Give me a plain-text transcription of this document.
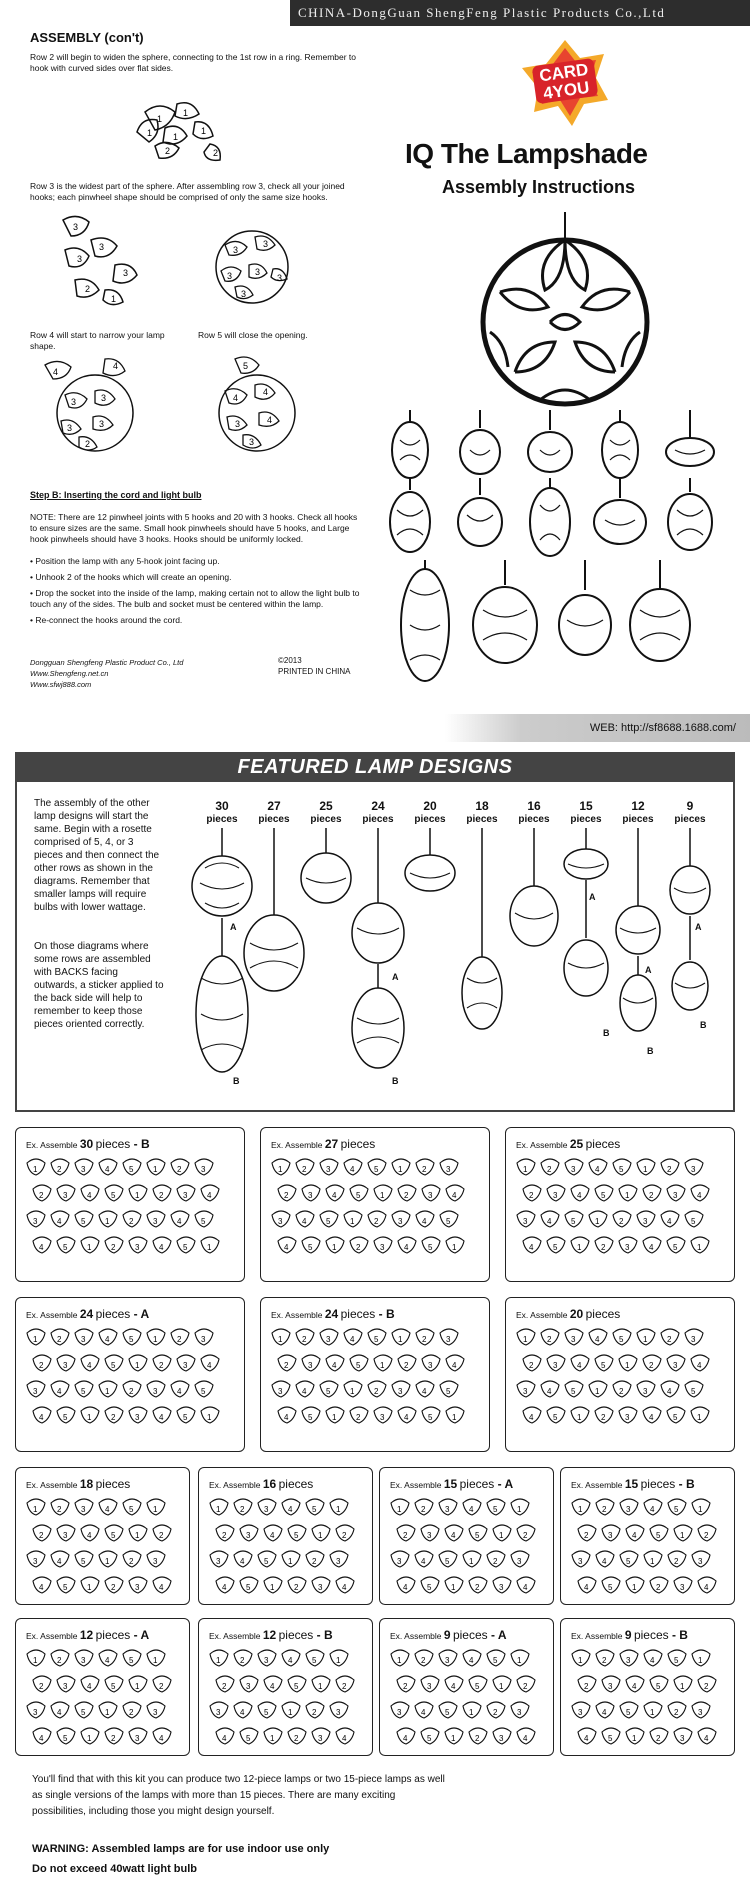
CHINA-DongGuan ShengFeng Plastic Products Co.,Ltd
ASSEMBLY (con't)
Row 2 will begin to widen the sphere, connecting to the 1st row in a ring. Remember to hook with curved sides over flat sides.
1
1
1 1
1
2	2
Row 3 is the widest part of the sphere. After assembling row 3, check all your joined hooks; each pinwheel shape should be comprised of only the same size hooks.
3
3
3
3
2
1
3
3
3	3
3
3
Row 4 will start to narrow your lamp shape.
Row 5 will close the opening.
4
4
3	3
3	3
2
5
4
4
3	4
3
Step B: Inserting the cord and light bulb
NOTE: There are 12 pinwheel joints with 5 hooks and 20 with 3 hooks. Check all hooks to ensure sizes are the same. Small hook pinwheels should have 5 hooks, and Large hook pinwheels should have 3 hooks. Hooks should be uniformly locked.
• Position the lamp with any 5-hook joint facing up.
• Unhook 2 of the hooks which will create an opening.
• Drop the socket into the inside of the lamp, making certain not to allow the light bulb to touch any of the sides. The bulb and socket must be centered within the lamp.
• Re-connect the hooks around the cord.
Dongguan Shengfeng Plastic Product Co., Ltd
Www.Shengfeng.net.cn
Www.sfwj888.com
©2013
PRINTED IN CHINA
CARD
4YOU
IQ The Lampshade
Assembly Instructions
WEB: http://sf8688.1688.com/
FEATURED LAMP DESIGNS
The assembly of the other lamp designs will start the same. Begin with a rosette comprised of 5, 4, or 3 pieces and then connect the other rows as shown in the diagrams. Remember that smaller lamps will require bulbs with lower wattage.
On those diagrams where some rows are assembled with BACKS facing outwards, a sticker applied to the back side will help to remember to keep those pieces oriented correctly.
30
pieces
27
pieces
25
pieces
24
pieces
20
pieces
18
pieces
16
pieces
15
pieces
12
pieces
9
pieces
A
B
A
B
A
B
A
B
A
B
Ex. Assemble 30 pieces - B
1 2 3 4 5 1 2 3
2 3 4 5 1 2 3 4
3 4 5 1 2 3 4 5
4 5 1 2 3 4 5 1
Ex. Assemble 27 pieces
1 2 3 4 5 1 2 3
2 3 4 5 1 2 3 4
3 4 5 1 2 3 4 5
4 5 1 2 3 4 5 1
Ex. Assemble 25 pieces
1 2 3 4 5 1 2 3
2 3 4 5 1 2 3 4
3 4 5 1 2 3 4 5
4 5 1 2 3 4 5 1
Ex. Assemble 24 pieces - A
1 2 3 4 5 1 2 3
2 3 4 5 1 2 3 4
3 4 5 1 2 3 4 5
4 5 1 2 3 4 5 1
Ex. Assemble 24 pieces - B
1 2 3 4 5 1 2 3
2 3 4 5 1 2 3 4
3 4 5 1 2 3 4 5
4 5 1 2 3 4 5 1
Ex. Assemble 20 pieces
1 2 3 4 5 1 2 3
2 3 4 5 1 2 3 4
3 4 5 1 2 3 4 5
4 5 1 2 3 4 5 1
Ex. Assemble 18 pieces
1 2 3 4 5 1
2 3 4 5 1 2
3 4 5 1 2 3
4 5 1 2 3 4
Ex. Assemble 16 pieces
1 2 3 4 5 1
2 3 4 5 1 2
3 4 5 1 2 3
4 5 1 2 3 4
Ex. Assemble 15 pieces - A
1 2 3 4 5 1
2 3 4 5 1 2
3 4 5 1 2 3
4 5 1 2 3 4
Ex. Assemble 15 pieces - B
1 2 3 4 5 1
2 3 4 5 1 2
3 4 5 1 2 3
4 5 1 2 3 4
Ex. Assemble 12 pieces - A
1 2 3 4 5 1
2 3 4 5 1 2
3 4 5 1 2 3
4 5 1 2 3 4
Ex. Assemble 12 pieces - B
1 2 3 4 5 1
2 3 4 5 1 2
3 4 5 1 2 3
4 5 1 2 3 4
Ex. Assemble 9 pieces - A
1 2 3 4 5 1
2 3 4 5 1 2
3 4 5 1 2 3
4 5 1 2 3 4
Ex. Assemble 9 pieces - B
1 2 3 4 5 1
2 3 4 5 1 2
3 4 5 1 2 3
4 5 1 2 3 4
You'll find that with this kit you can produce two 12-piece lamps or two 15-piece lamps as well as single versions of the lamps with more than 15 pieces. There are many exciting possibilities, including those you might design yourself.
WARNING: Assembled lamps are for use indoor use only
Do not exceed 40watt light bulb
